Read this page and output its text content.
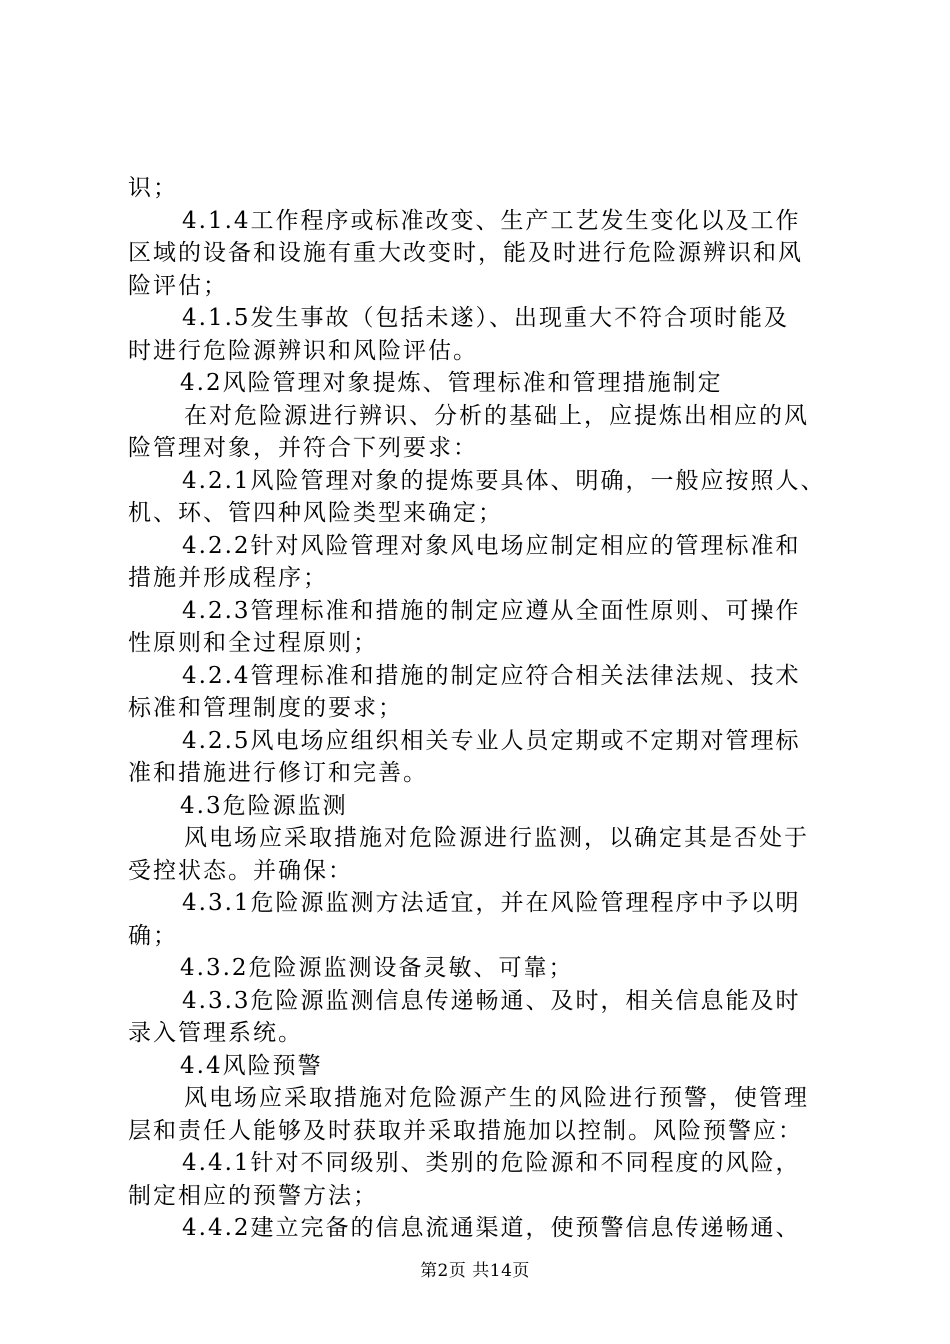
识；
4.1.4工作程序或标准改变、生产工艺发生变化以及工作
区域的设备和设施有重大改变时，能及时进行危险源辨识和风
险评估；
4.1.5发生事故（包括未遂）、出现重大不符合项时能及
时进行危险源辨识和风险评估。
4.2风险管理对象提炼、管理标准和管理措施制定
在对危险源进行辨识、分析的基础上，应提炼出相应的风
险管理对象，并符合下列要求：
4.2.1风险管理对象的提炼要具体、明确，一般应按照人、
机、环、管四种风险类型来确定；
4.2.2针对风险管理对象风电场应制定相应的管理标准和
措施并形成程序；
4.2.3管理标准和措施的制定应遵从全面性原则、可操作
性原则和全过程原则；
4.2.4管理标准和措施的制定应符合相关法律法规、技术
标准和管理制度的要求；
4.2.5风电场应组织相关专业人员定期或不定期对管理标
准和措施进行修订和完善。
4.3危险源监测
风电场应采取措施对危险源进行监测，以确定其是否处于
受控状态。并确保：
4.3.1危险源监测方法适宜，并在风险管理程序中予以明
确；
4.3.2危险源监测设备灵敏、可靠；
4.3.3危险源监测信息传递畅通、及时，相关信息能及时
录入管理系统。
4.4风险预警
风电场应采取措施对危险源产生的风险进行预警，使管理
层和责任人能够及时获取并采取措施加以控制。风险预警应：
4.4.1针对不同级别、类别的危险源和不同程度的风险，
制定相应的预警方法；
4.4.2建立完备的信息流通渠道，使预警信息传递畅通、
第2页 共14页
